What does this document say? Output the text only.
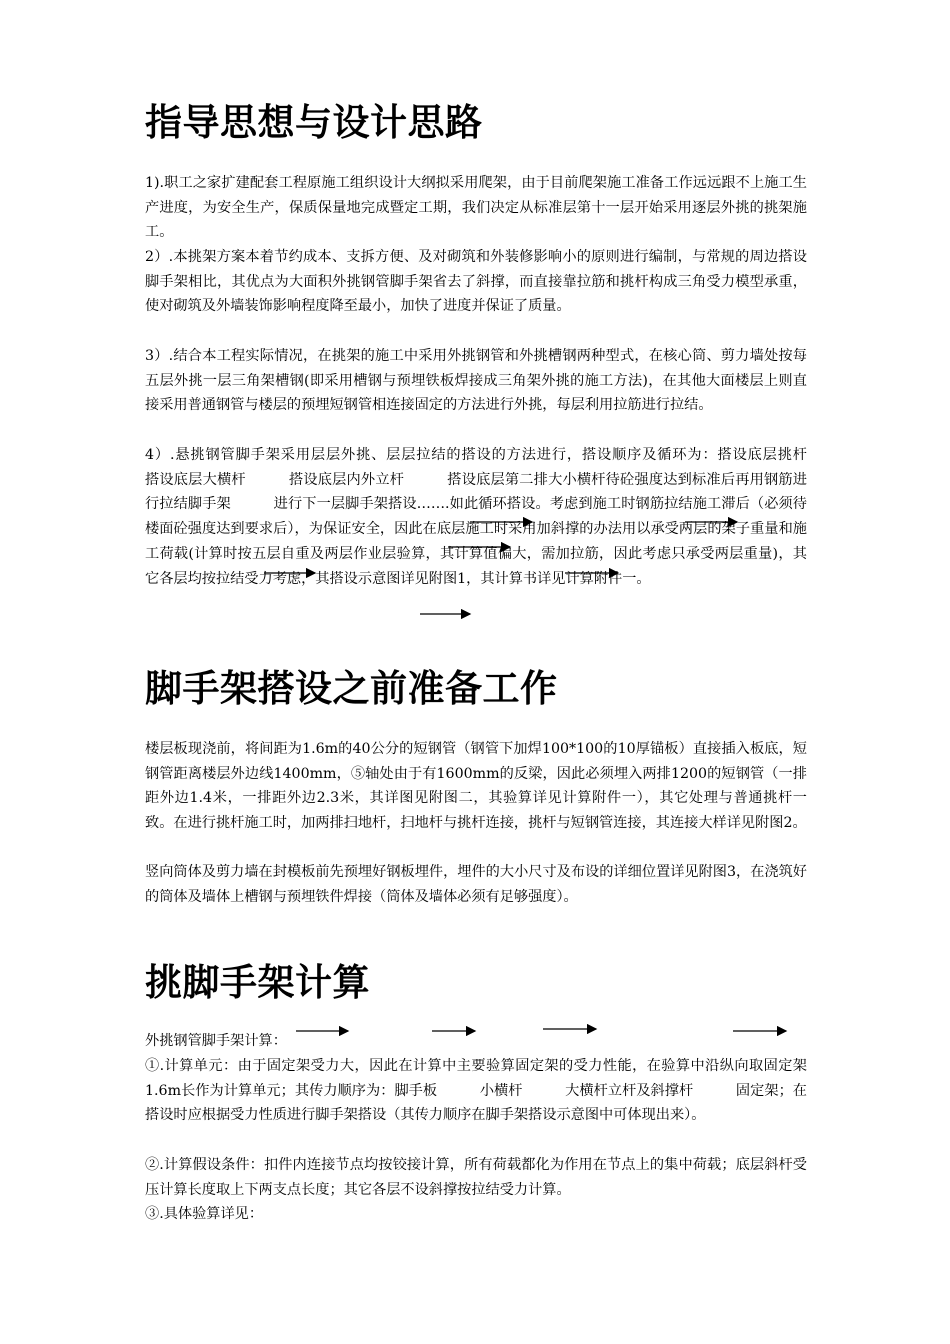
指导思想与设计思路

1).职工之家扩建配套工程原施工组织设计大纲拟采用爬架，由于目前爬架施工准备工作远远跟不上施工生产进度，为安全生产，保质保量地完成暨定工期，我们决定从标准层第十一层开始采用逐层外挑的挑架施工。

2）.本挑架方案本着节约成本、支拆方便、及对砌筑和外装修影响小的原则进行编制，与常规的周边搭设脚手架相比，其优点为大面积外挑钢管脚手架省去了斜撑，而直接靠拉筋和挑杆构成三角受力模型承重，使对砌筑及外墙装饰影响程度降至最小，加快了进度并保证了质量。

3）.结合本工程实际情况，在挑架的施工中采用外挑钢管和外挑槽钢两种型式，在核心筒、剪力墙处按每五层外挑一层三角架槽钢(即采用槽钢与预埋铁板焊接成三角架外挑的施工方法)，在其他大面楼层上则直接采用普通钢管与楼层的预埋短钢管相连接固定的方法进行外挑，每层利用拉筋进行拉结。

4）.悬挑钢管脚手架采用层层外挑、层层拉结的搭设的方法进行，搭设顺序及循环为：搭设底层挑杆　　　搭设底层大横杆　　　搭设底层内外立杆　　　搭设底层第二排大小横杆待砼强度达到标准后再用钢筋进行拉结脚手架　　　进行下一层脚手架搭设…….如此循环搭设。考虑到施工时钢筋拉结施工滞后（必须待楼面砼强度达到要求后），为保证安全，因此在底层施工时采用加斜撑的办法用以承受两层的架子重量和施工荷载(计算时按五层自重及两层作业层验算，其计算值偏大，需加拉筋，因此考虑只承受两层重量)，其它各层均按拉结受力考虑，其搭设示意图详见附图1，其计算书详见计算附件一。

脚手架搭设之前准备工作

楼层板现浇前，将间距为1.6m的40公分的短钢管（钢管下加焊100*100的10厚锚板）直接插入板底，短钢管距离楼层外边线1400mm，⑤轴处由于有1600mm的反梁，因此必须埋入两排1200的短钢管（一排距外边1.4米，一排距外边2.3米，其详图见附图二，其验算详见计算附件一），其它处理与普通挑杆一致。在进行挑杆施工时，加两排扫地杆，扫地杆与挑杆连接，挑杆与短钢管连接，其连接大样详见附图2。

竖向筒体及剪力墙在封模板前先预埋好钢板埋件，埋件的大小尺寸及布设的详细位置详见附图3，在浇筑好的筒体及墙体上槽钢与预埋铁件焊接（筒体及墙体必须有足够强度）。

挑脚手架计算

外挑钢管脚手架计算：

①.计算单元：由于固定架受力大，因此在计算中主要验算固定架的受力性能，在验算中沿纵向取固定架1.6m长作为计算单元；其传力顺序为：脚手板　　　小横杆　　　大横杆立杆及斜撑杆　　　固定架；在搭设时应根据受力性质进行脚手架搭设（其传力顺序在脚手架搭设示意图中可体现出来）。

②.计算假设条件：扣件内连接节点均按铰接计算，所有荷载都化为作用在节点上的集中荷载；底层斜杆受压计算长度取上下两支点长度；其它各层不设斜撑按拉结受力计算。

③.具体验算详见：
